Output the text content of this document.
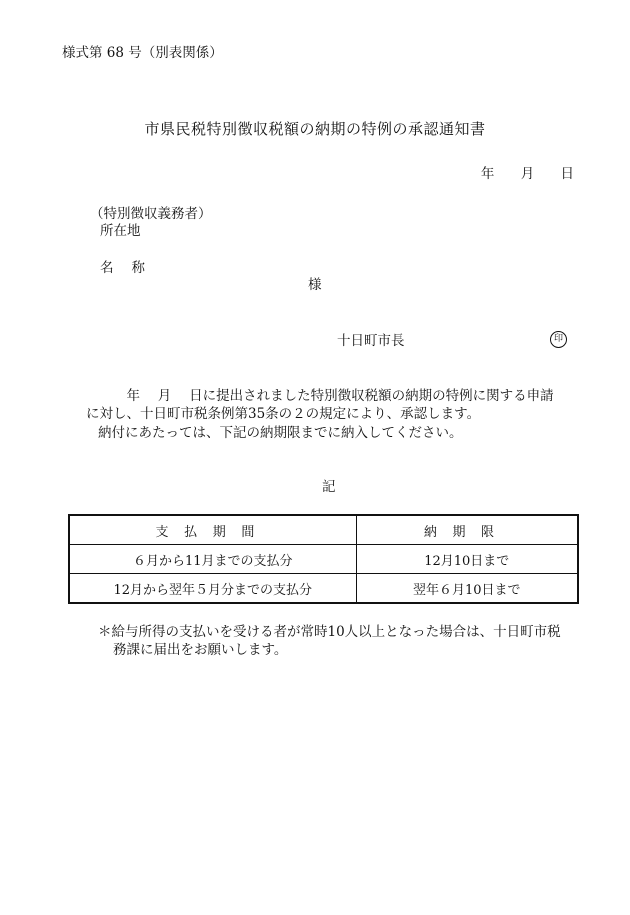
様式第 68 号（別表関係）
市県民税特別徴収税額の納期の特例の承認通知書
年 月 日
（特別徴収義務者）
所在地
名 称
様
十日町市長	印
　　　年　 月　 日に提出されました特別徴収税額の納期の特例に関する申請
に対し、十日町市税条例第35条の２の規定により、承認します。
納付にあたっては、下記の納期限までに納入してください。
記
支払期間	納期限
６月から11月までの支払分	12月10日まで
12月から翌年５月分までの支払分	翌年６月10日まで
＊給与所得の支払いを受ける者が常時10人以上となった場合は、十日町市税
務課に届出をお願いします。
